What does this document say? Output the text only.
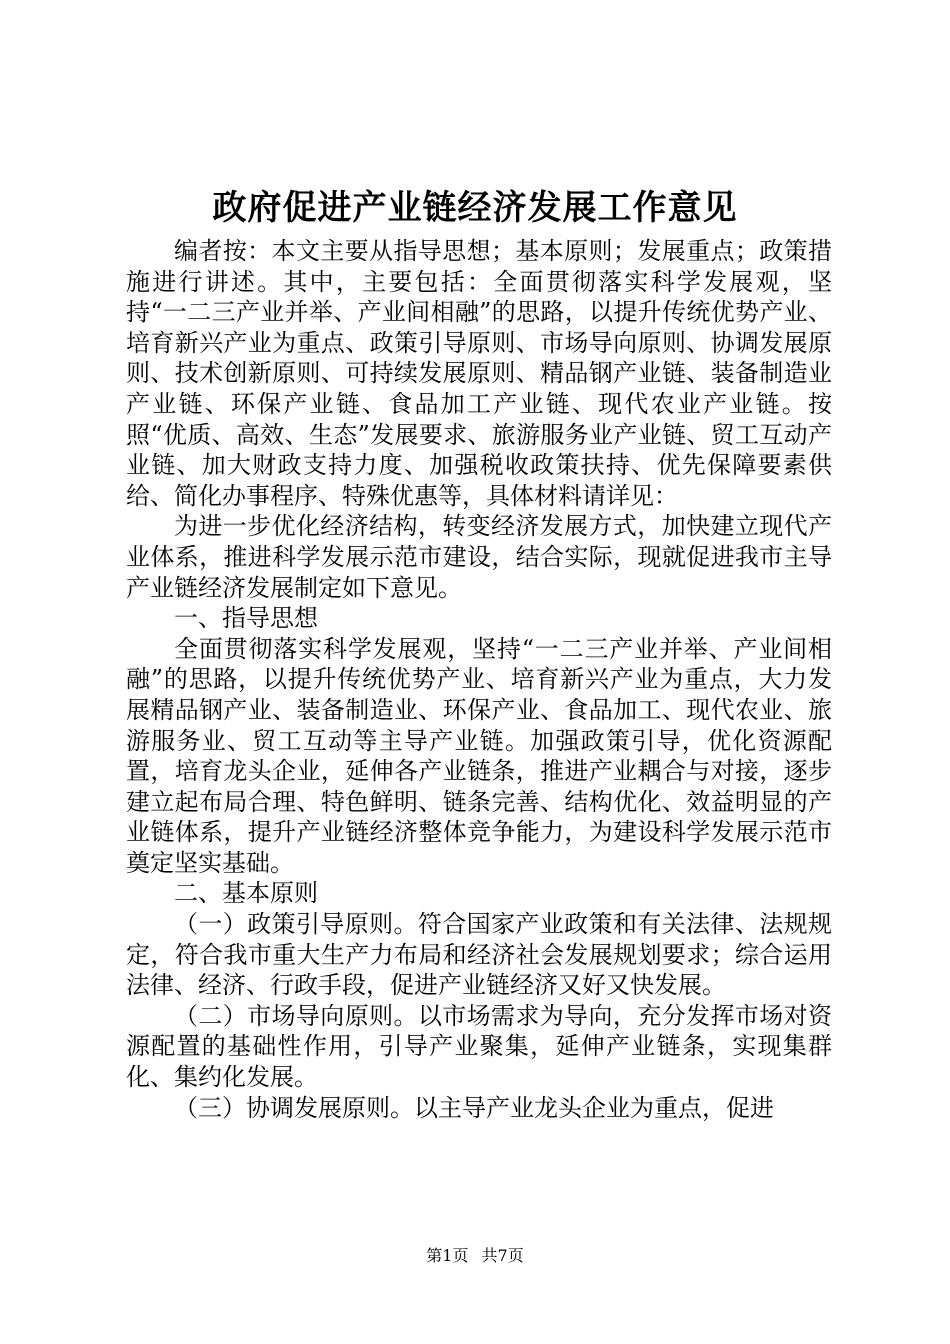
政府促进产业链经济发展工作意见

编者按：本文主要从指导思想；基本原则；发展重点；政策措施进行讲述。其中，主要包括：全面贯彻落实科学发展观，坚持“一二三产业并举、产业间相融”的思路，以提升传统优势产业、培育新兴产业为重点、政策引导原则、市场导向原则、协调发展原则、技术创新原则、可持续发展原则、精品钢产业链、装备制造业产业链、环保产业链、食品加工产业链、现代农业产业链。按照“优质、高效、生态”发展要求、旅游服务业产业链、贸工互动产业链、加大财政支持力度、加强税收政策扶持、优先保障要素供给、简化办事程序、特殊优惠等，具体材料请详见：

为进一步优化经济结构，转变经济发展方式，加快建立现代产业体系，推进科学发展示范市建设，结合实际，现就促进我市主导产业链经济发展制定如下意见。

一、指导思想

全面贯彻落实科学发展观，坚持“一二三产业并举、产业间相融”的思路，以提升传统优势产业、培育新兴产业为重点，大力发展精品钢产业、装备制造业、环保产业、食品加工、现代农业、旅游服务业、贸工互动等主导产业链。加强政策引导，优化资源配置，培育龙头企业，延伸各产业链条，推进产业耦合与对接，逐步建立起布局合理、特色鲜明、链条完善、结构优化、效益明显的产业链体系，提升产业链经济整体竞争能力，为建设科学发展示范市奠定坚实基础。

二、基本原则

（一）政策引导原则。符合国家产业政策和有关法律、法规规定，符合我市重大生产力布局和经济社会发展规划要求；综合运用法律、经济、行政手段，促进产业链经济又好又快发展。

（二）市场导向原则。以市场需求为导向，充分发挥市场对资源配置的基础性作用，引导产业聚集，延伸产业链条，实现集群化、集约化发展。

（三）协调发展原则。以主导产业龙头企业为重点，促进

第1页 共7页
